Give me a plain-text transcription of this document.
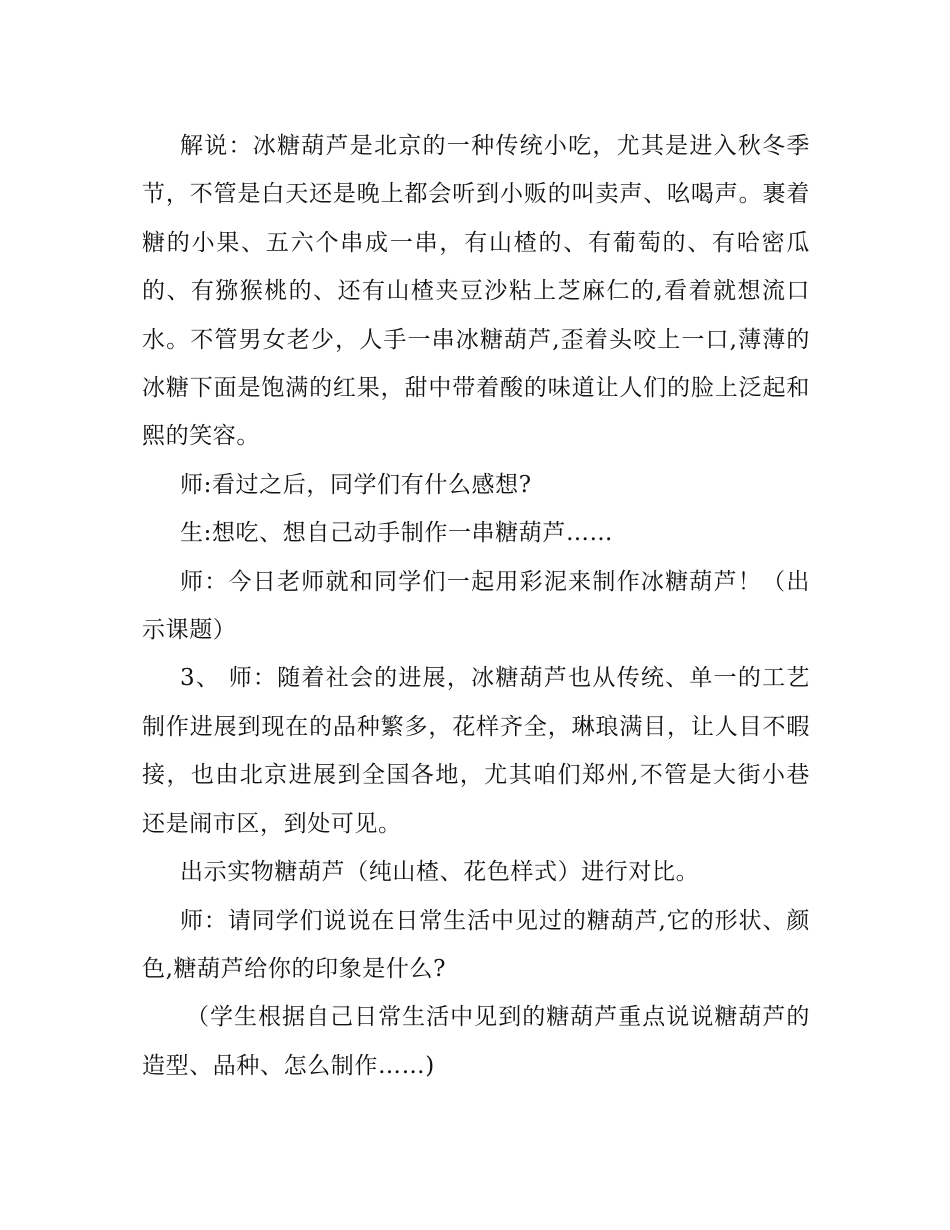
解说：冰糖葫芦是北京的一种传统小吃，尤其是进入秋冬季节，不管是白天还是晚上都会听到小贩的叫卖声、吆喝声。裹着糖的小果、五六个串成一串，有山楂的、有葡萄的、有哈密瓜的、有猕猴桃的、还有山楂夹豆沙粘上芝麻仁的,看着就想流口水。不管男女老少，人手一串冰糖葫芦,歪着头咬上一口,薄薄的冰糖下面是饱满的红果，甜中带着酸的味道让人们的脸上泛起和熙的笑容。

师:看过之后，同学们有什么感想?

生:想吃、想自己动手制作一串糖葫芦……

师：今日老师就和同学们一起用彩泥来制作冰糖葫芦！（出示课题）

3、 师：随着社会的进展，冰糖葫芦也从传统、单一的工艺制作进展到现在的品种繁多，花样齐全，琳琅满目，让人目不暇接，也由北京进展到全国各地，尤其咱们郑州,不管是大街小巷还是闹市区，到处可见。

出示实物糖葫芦（纯山楂、花色样式）进行对比。

师：请同学们说说在日常生活中见过的糖葫芦,它的形状、颜色,糖葫芦给你的印象是什么?

（学生根据自己日常生活中见到的糖葫芦重点说说糖葫芦的造型、品种、怎么制作……)
